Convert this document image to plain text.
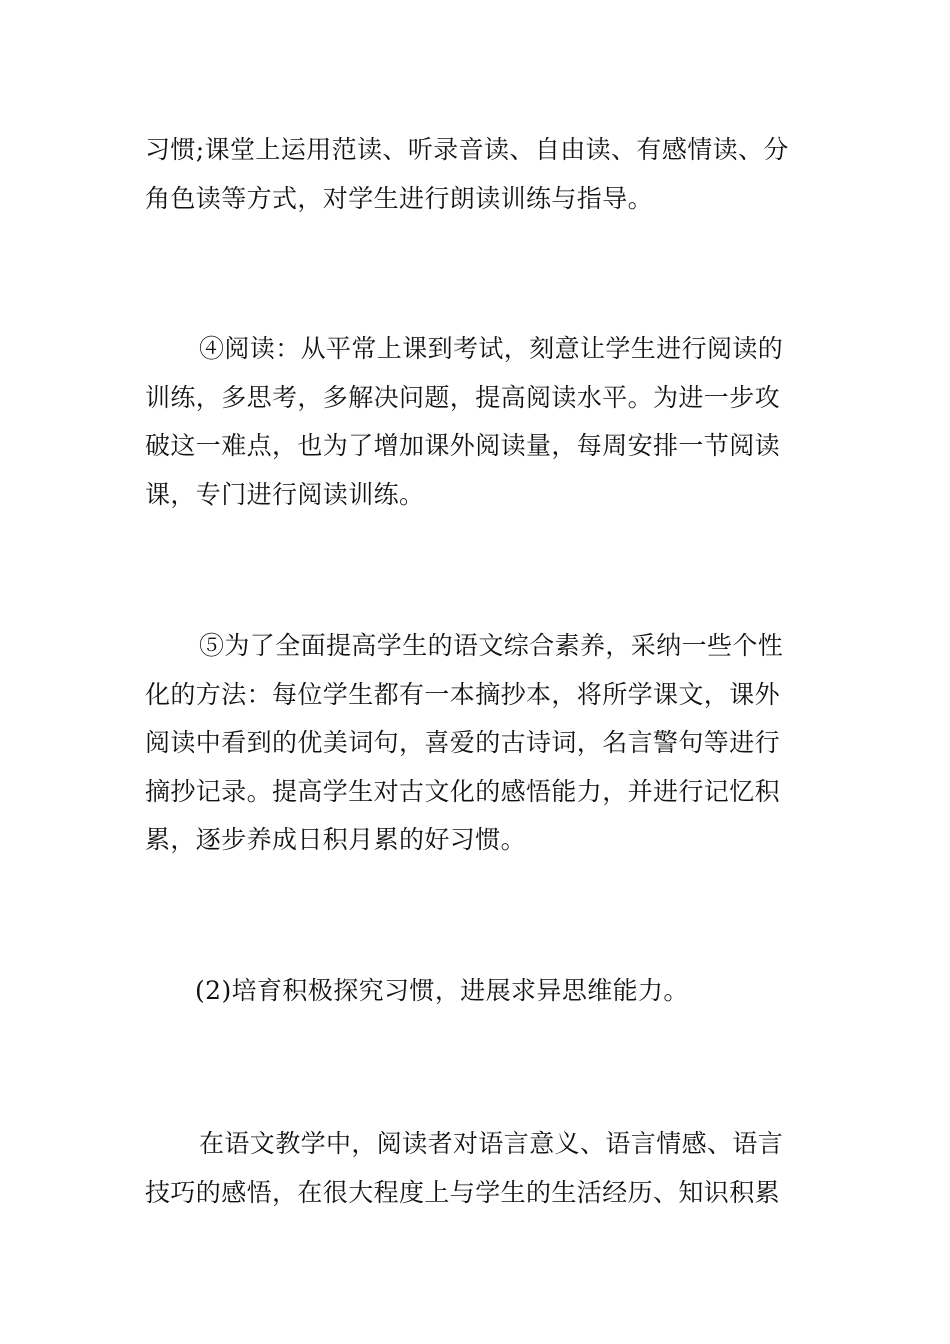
习惯;课堂上运用范读、听录音读、自由读、有感情读、分
角色读等方式，对学生进行朗读训练与指导。
④阅读：从平常上课到考试，刻意让学生进行阅读的
训练，多思考，多解决问题，提高阅读水平。为进一步攻
破这一难点，也为了增加课外阅读量，每周安排一节阅读
课，专门进行阅读训练。
⑤为了全面提高学生的语文综合素养，采纳一些个性
化的方法：每位学生都有一本摘抄本，将所学课文，课外
阅读中看到的优美词句，喜爱的古诗词，名言警句等进行
摘抄记录。提高学生对古文化的感悟能力，并进行记忆积
累，逐步养成日积月累的好习惯。
(2)培育积极探究习惯，进展求异思维能力。
在语文教学中，阅读者对语言意义、语言情感、语言
技巧的感悟，在很大程度上与学生的生活经历、知识积累
